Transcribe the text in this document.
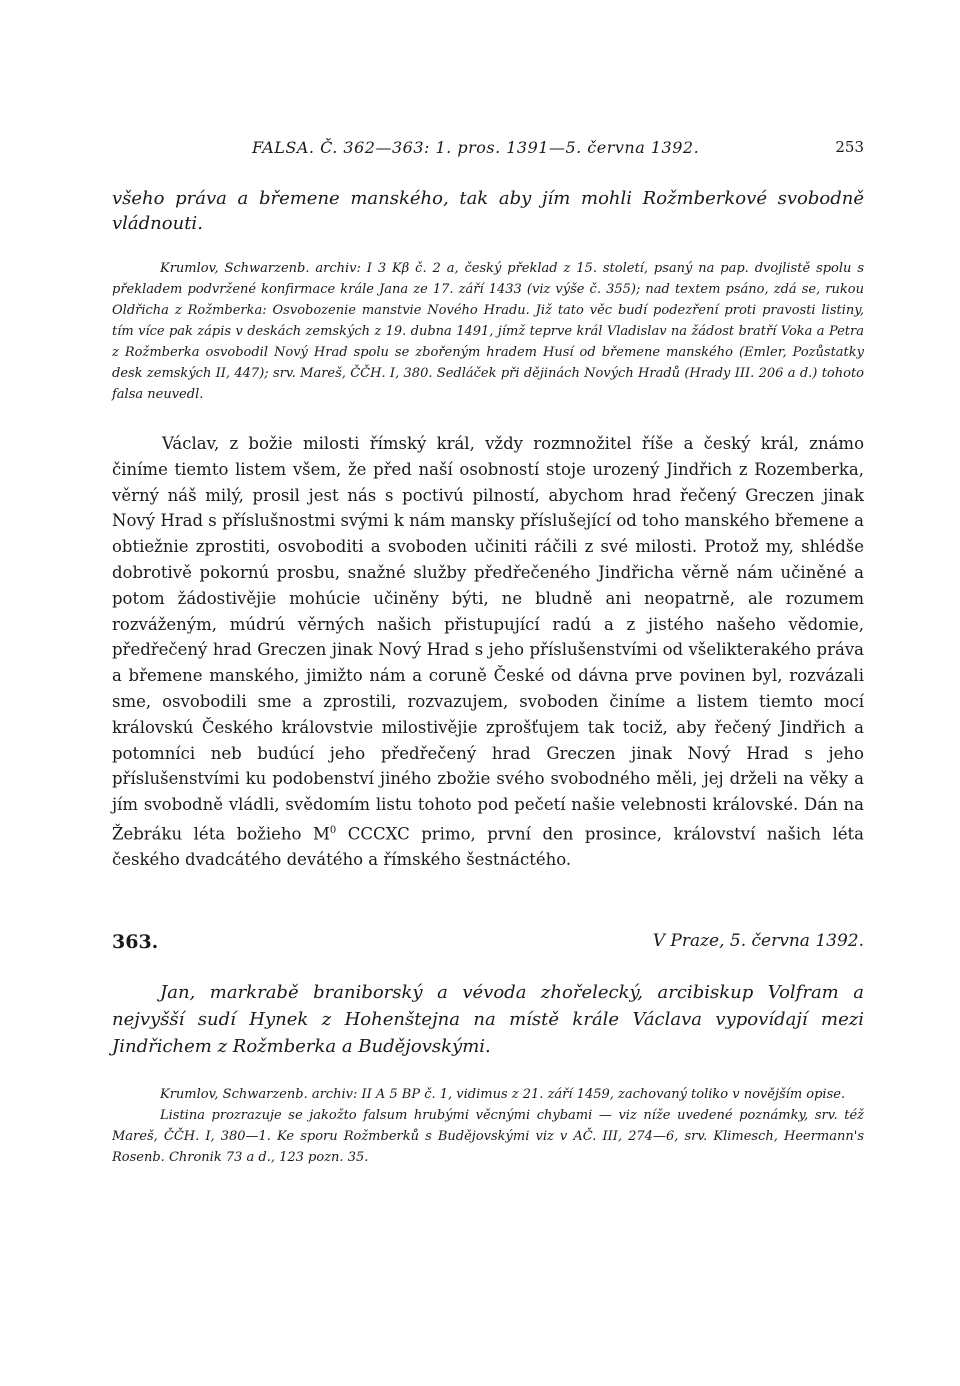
FALSA. Č. 362—363: 1. pros. 1391—5. června 1392.	253

všeho práva a břemene manského, tak aby jím mohli Rožmberkové svobodně vládnouti.

Krumlov, Schwarzenb. archiv: I 3 Kβ č. 2 a, český překlad z 15. století, psaný na pap. dvojlistě spolu s překladem podvržené konfirmace krále Jana ze 17. září 1433 (viz výše č. 355); nad textem psáno, zdá se, rukou Oldřicha z Rožmberka: Osvobozenie manstvie Nového Hradu. Již tato věc budí podezření proti pravosti listiny, tím více pak zápis v deskách zemských z 19. dubna 1491, jímž teprve král Vladislav na žádost bratří Voka a Petra z Rožmberka osvobodil Nový Hrad spolu se zbořeným hradem Husí od břemene manského (Emler, Pozůstatky desk zemských II, 447); srv. Mareš, ČČH. I, 380. Sedláček při dějinách Nových Hradů (Hrady III. 206 a d.) tohoto falsa neuvedl.

Václav, z božie milosti římský král, vždy rozmnožitel říše a český král, známo činíme tiemto listem všem, že před naší osobností stoje urozený Jindřich z Rozemberka, věrný náš milý, prosil jest nás s poctivú pilností, abychom hrad řečený Greczen jinak Nový Hrad s příslušnostmi svými k nám mansky příslušející od toho manského břemene a obtiežnie zprostiti, osvoboditi a svoboden učiniti ráčili z své milosti. Protož my, shlédše dobrotivě pokornú prosbu, snažné služby předřečeného Jindřicha věrně nám učiněné a potom žádostivějie mohúcie učiněny býti, ne bludně ani neopatrně, ale rozumem rozváženým, múdrú věrných našich přistupující radú a z jistého našeho vědomie, předřečený hrad Greczen jinak Nový Hrad s jeho příslušenstvími od všelikterakého práva a břemene manského, jimižto nám a coruně České od dávna prve povinen byl, rozvázali sme, osvobodili sme a zprostili, rozvazujem, svoboden činíme a listem tiemto mocí královskú Českého královstvie milostivějie zprošťujem tak tociž, aby řečený Jindřich a potomníci neb budúcí jeho předřečený hrad Greczen jinak Nový Hrad s jeho příslušenstvími ku podobenství jiného zbožie svého svobodného měli, jej drželi na věky a jím svobodně vládli, svědomím listu tohoto pod pečetí našie velebnosti královské. Dán na Žebráku léta božieho $M^0$ CCCXC primo, první den prosince, království našich léta českého dvadcátého devátého a římského šestnáctého.

363.	V Praze, 5. června 1392.

Jan, markrabě braniborský a vévoda zhořelecký, arcibiskup Volfram a nejvyšší sudí Hynek z Hohenštejna na místě krále Václava vypovídají mezi Jindřichem z Rožmberka a Budějovskými.

Krumlov, Schwarzenb. archiv: II A 5 BP č. 1, vidimus z 21. září 1459, zachovaný toliko v novějším opise.

Listina prozrazuje se jakožto falsum hrubými věcnými chybami — viz níže uvedené poznámky, srv. též Mareš, ČČH. I, 380—1. Ke sporu Rožmberků s Budějovskými viz v AČ. III, 274—6, srv. Klimesch, Heermann's Rosenb. Chronik 73 a d., 123 pozn. 35.
